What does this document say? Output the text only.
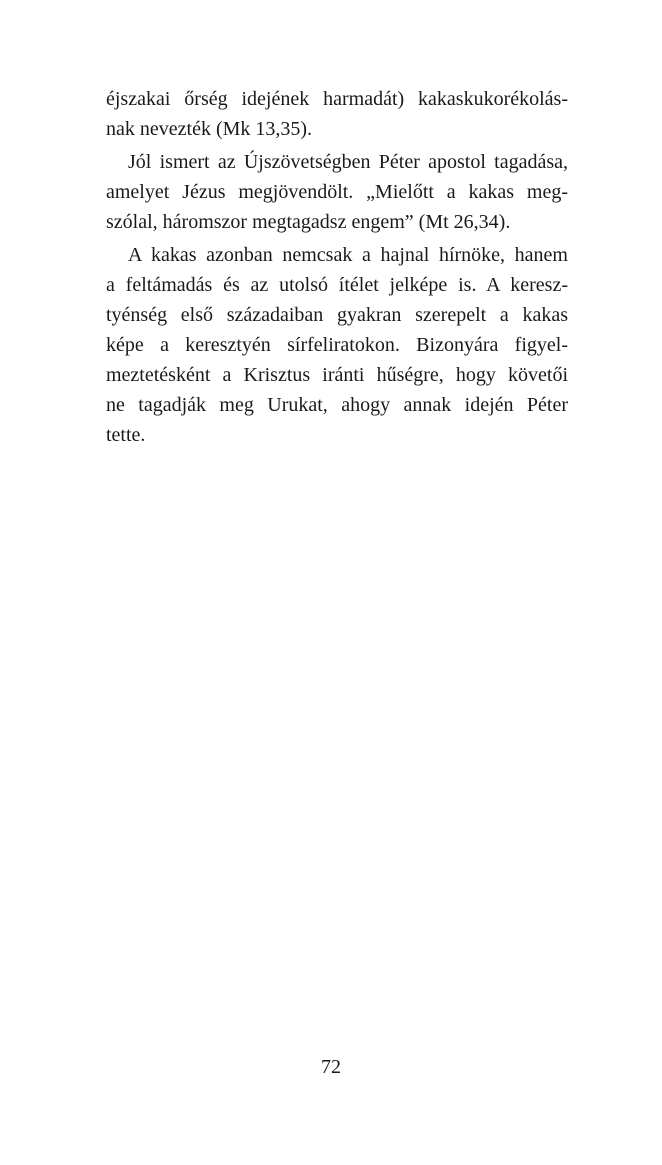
éjszakai őrség idejének harmadát) kakaskukorékolás-
nak nevezték (Mk 13,35).
Jól ismert az Újszövetségben Péter apostol tagadása,
amelyet Jézus megjövendölt. „Mielőtt a kakas meg-
szólal, háromszor megtagadsz engem” (Mt 26,34).
A kakas azonban nemcsak a hajnal hírnöke, hanem
a feltámadás és az utolsó ítélet jelképe is. A keresz-
tyénség első századaiban gyakran szerepelt a kakas
képe a keresztyén sírfeliratokon. Bizonyára figyel-
meztetésként a Krisztus iránti hűségre, hogy követői
ne tagadják meg Urukat, ahogy annak idején Péter
tette.
72
